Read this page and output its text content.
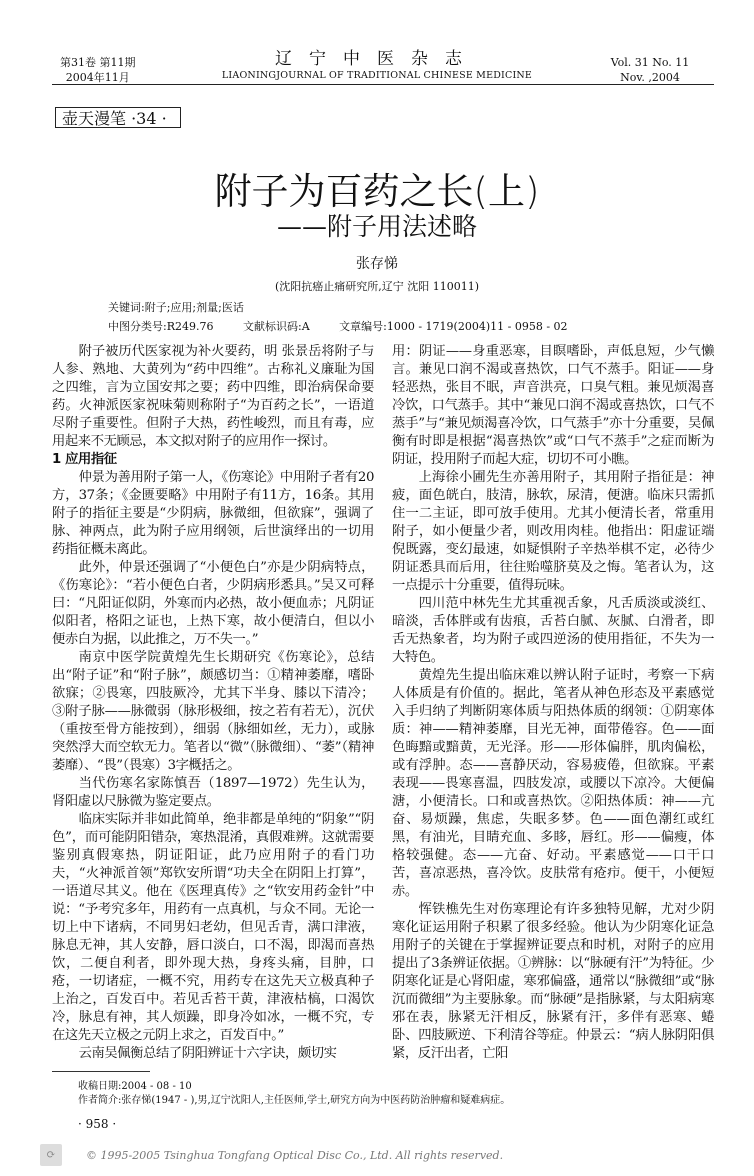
第31卷 第11期
2004年11月
辽宁中医杂志
LIAONINGJOURNAL OF TRADITIONAL CHINESE MEDICINE
Vol. 31 No. 11
Nov. ,2004
壶天漫笔 ·34 ·
附子为百药之长(上)
——附子用法述略
张存悌
(沈阳抗癌止痛研究所,辽宁 沈阳 110011)
关键词:附子;应用;剂量;医话
中图分类号:R249.76	文献标识码:A	文章编号:1000 - 1719(2004)11 - 0958 - 02

附子被历代医家视为补火要药，明 张景岳将附子与人参、熟地、大黄列为“药中四维”。古称礼义廉耻为国之四维，言为立国安邦之要；药中四维，即治病保命要药。火神派医家祝味菊则称附子“为百药之长”，一语道尽附子重要性。但附子大热，药性峻烈，而且有毒，应用起来不无顾忌，本文拟对附子的应用作一探讨。

1 应用指征

仲景为善用附子第一人，《伤寒论》中用附子者有20方，37条；《金匮要略》中用附子有11方，16条。其用附子的指征主要是“少阴病，脉微细，但欲寐”，强调了脉、神两点，此为附子应用纲领，后世演绎出的一切用药指征概未离此。

此外，仲景还强调了“小便色白”亦是少阴病特点，《伤寒论》：“若小便色白者，少阴病形悉具。”吴又可释曰：“凡阳证似阴，外寒而内必热，故小便血赤；凡阴证似阳者，格阳之证也，上热下寒，故小便清白，但以小便赤白为据，以此推之，万不失一。”

南京中医学院黄煌先生长期研究《伤寒论》，总结出“附子证”和“附子脉”，颇感切当：①精神萎靡，嗜卧欲寐；②畏寒，四肢厥冷，尤其下半身、膝以下清冷；③附子脉——脉微弱（脉形极细，按之若有若无），沉伏（重按至骨方能按到），细弱（脉细如丝，无力），或脉突然浮大而空软无力。笔者以“微”（脉微细）、“萎”（精神萎靡）、“畏”（畏寒）3字概括之。

当代伤寒名家陈慎吾（1897—1972）先生认为，肾阳虚以尺脉微为鉴定要点。

临床实际并非如此简单，绝非都是单纯的“阴象”“阴色”，而可能阴阳错杂，寒热混淆，真假难辨。这就需要鉴别真假寒热，阴证阳证，此乃应用附子的看门功夫，“火神派首领”郑钦安所谓“功夫全在阴阳上打算”，一语道尽其义。他在《医理真传》之“钦安用药金针”中说：“予考究多年，用药有一点真机，与众不同。无论一切上中下诸病，不同男妇老幼，但见舌青，满口津液，脉息无神，其人安静，唇口淡白，口不渴，即渴而喜热饮，二便自利者，即外现大热，身疼头痛，目肿，口疮，一切诸症，一概不究，用药专在这先天立极真种子上治之，百发百中。若见舌苔干黄，津液枯槁，口渴饮冷，脉息有神，其人烦躁，即身冷如冰，一概不究，专在这先天立极之元阴上求之，百发百中。”

云南吴佩衡总结了阴阳辨证十六字诀，颇切实

用：阴证——身重恶寒，目瞑嗜卧，声低息短，少气懒言。兼见口润不渴或喜热饮，口气不蒸手。阳证——身轻恶热，张目不眠，声音洪亮，口臭气粗。兼见烦渴喜冷饮，口气蒸手。其中“兼见口润不渴或喜热饮，口气不蒸手”与“兼见烦渴喜冷饮，口气蒸手”亦十分重要，吴佩衡有时即是根据“渴喜热饮”或“口气不蒸手”之症而断为阴证，投用附子而起大症，切切不可小瞧。

上海徐小圃先生亦善用附子，其用附子指征是：神疲，面色㿠白，肢清，脉软，尿清，便溏。临床只需抓住一二主证，即可放手使用。尤其小便清长者，常重用附子，如小便量少者，则改用肉桂。他指出：阳虚证端倪既露，变幻最速，如疑惧附子辛热举棋不定，必待少阴证悉具而后用，往往贻噬脐莫及之悔。笔者认为，这一点提示十分重要，值得玩味。

四川范中林先生尤其重视舌象，凡舌质淡或淡红、暗淡，舌体胖或有齿痕，舌苔白腻、灰腻、白滑者，即舌无热象者，均为附子或四逆汤的使用指征，不失为一大特色。

黄煌先生提出临床难以辨认附子证时，考察一下病人体质是有价值的。据此，笔者从神色形态及平素感觉入手归纳了判断阴寒体质与阳热体质的纲领：①阴寒体质：神——精神萎靡，目光无神，面带倦容。色——面色晦黯或黯黄，无光泽。形——形体偏胖，肌肉偏松，或有浮肿。态——喜静厌动，容易疲倦，但欲寐。平素表现——畏寒喜温，四肢发凉，或腰以下凉冷。大便偏溏，小便清长。口和或喜热饮。②阳热体质：神——亢奋、易烦躁，焦虑，失眠多梦。色——面色潮红或红黑，有油光，目睛充血、多眵，唇红。形——偏瘦，体格较强健。态——亢奋、好动。平素感觉——口干口苦，喜凉恶热，喜冷饮。皮肤常有疮疖。便干，小便短赤。

恽铁樵先生对伤寒理论有许多独特见解，尤对少阴寒化证运用附子积累了很多经验。他认为少阴寒化证急用附子的关键在于掌握辨证要点和时机，对附子的应用提出了3条辨证依据。①辨脉：以“脉硬有汗”为特征。少阴寒化证是心肾阳虚，寒邪偏盛，通常以“脉微细”或“脉沉而微细”为主要脉象。而“脉硬”是指脉紧，与太阳病寒邪在表，脉紧无汗相反，脉紧有汗，多伴有恶寒、蜷卧、四肢厥逆、下利清谷等症。仲景云：“病人脉阴阳俱紧，反汗出者，亡阳

收稿日期:2004 - 08 - 10
作者简介:张存悌(1947 - ),男,辽宁沈阳人,主任医师,学士,研究方向为中医药防治肿瘤和疑难病症。
· 958 ·
⟳	© 1995-2005 Tsinghua Tongfang Optical Disc Co., Ltd. All rights reserved.
